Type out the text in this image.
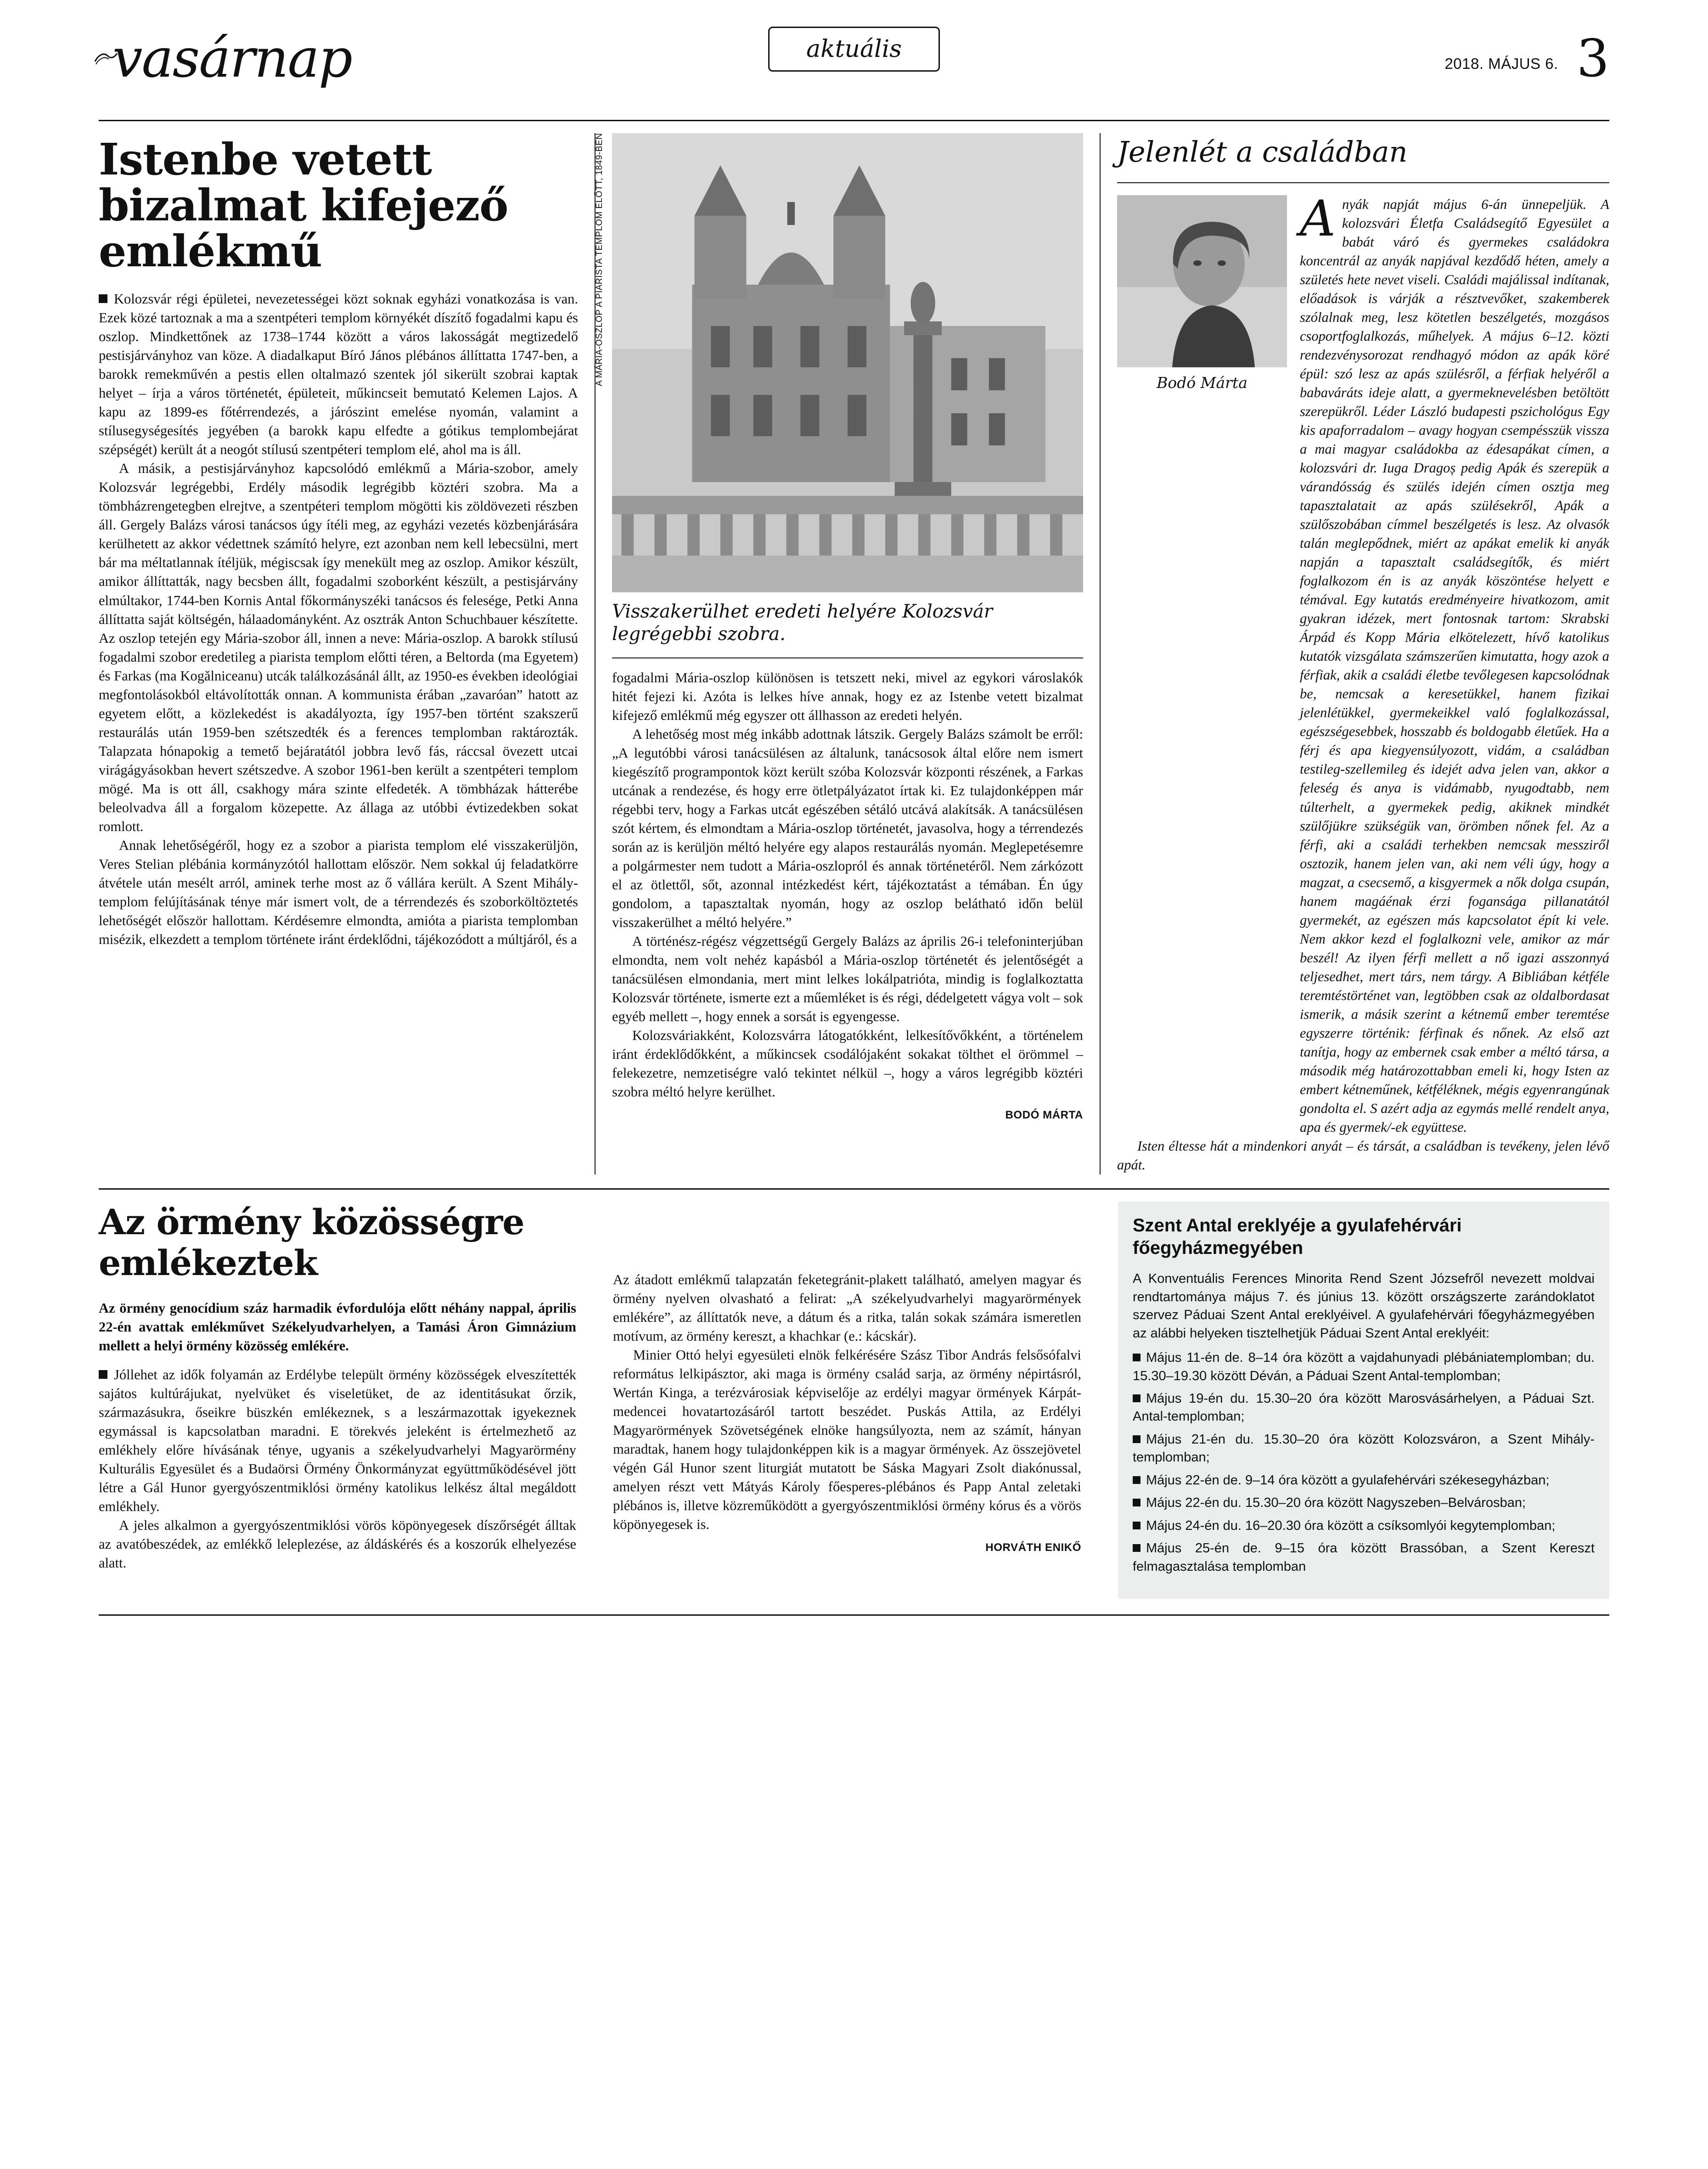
vasárnap	aktuális
2018. MÁJUS 6. 3
Istenbe vetett bizalmat kifejező emlékmű

Kolozsvár régi épületei, nevezetességei közt soknak egyházi vonatkozása is van. Ezek közé tartoznak a ma a szentpéteri templom környékét díszítő fogadalmi kapu és oszlop. Mindkettőnek az 1738–1744 között a város lakosságát megtizedelő pestisjárványhoz van köze. A diadalkaput Bíró János plébános állíttatta 1747-ben, a barokk remekművén a pestis ellen oltalmazó szentek jól sikerült szobrai kaptak helyet – írja a város történetét, épületeit, műkincseit bemutató Kelemen Lajos. A kapu az 1899-es főtérrendezés, a járószint emelése nyomán, valamint a stílusegységesítés jegyében (a barokk kapu elfedte a gótikus templombejárat szépségét) került át a neogót stílusú szentpéteri templom elé, ahol ma is áll.

A másik, a pestisjárványhoz kapcsolódó emlékmű a Mária-szobor, amely Kolozsvár legrégebbi, Erdély második legrégibb köztéri szobra. Ma a tömbházrengetegben elrejtve, a szentpéteri templom mögötti kis zöldövezeti részben áll. Gergely Balázs városi tanácsos úgy ítéli meg, az egyházi vezetés közbenjárására kerülhetett az akkor védettnek számító helyre, ezt azonban nem kell lebecsülni, mert bár ma méltatlannak ítéljük, mégiscsak így menekült meg az oszlop. Amikor készült, amikor állíttatták, nagy becsben állt, fogadalmi szoborként készült, a pestisjárvány elmúltakor, 1744-ben Kornis Antal főkormányszéki tanácsos és felesége, Petki Anna állíttatta saját költségén, hálaadományként. Az osztrák Anton Schuchbauer készítette. Az oszlop tetején egy Mária-szobor áll, innen a neve: Mária-oszlop. A barokk stílusú fogadalmi szobor eredetileg a piarista templom előtti téren, a Beltorda (ma Egyetem) és Farkas (ma Kogălniceanu) utcák találkozásánál állt, az 1950-es években ideológiai megfontolásokból eltávolították onnan. A kommunista érában „zavaróan” hatott az egyetem előtt, a közlekedést is akadályozta, így 1957-ben történt szakszerű restaurálás után 1959-ben szétszedték és a ferences templomban raktározták. Talapzata hónapokig a temető bejáratától jobbra levő fás, ráccsal övezett utcai virágágyásokban hevert szétszedve. A szobor 1961-ben került a szentpéteri templom mögé. Ma is ott áll, csakhogy mára szinte elfedeték. A tömbházak hátterébe beleolvadva áll a forgalom közepette. Az állaga az utóbbi évtizedekben sokat romlott.

Annak lehetőségéről, hogy ez a szobor a piarista templom elé visszakerüljön, Veres Stelian plébánia kormányzótól hallottam először. Nem sokkal új feladatkörre átvétele után mesélt arról, aminek terhe most az ő vállára került. A Szent Mihály-templom felújításának ténye már ismert volt, de a térrendezés és szoborköltöztetés lehetőségét először hallottam. Kérdésemre elmondta, amióta a piarista templomban misézik, elkezdett a templom története iránt érdeklődni, tájékozódott a múltjáról, és a

A MÁRIA-OSZLOP A PIARISTA TEMPLOM ELŐTT, 1849-BEN
Visszakerülhet eredeti helyére Kolozsvár legrégebbi szobra.

fogadalmi Mária-oszlop különösen is tetszett neki, mivel az egykori városlakók hitét fejezi ki. Azóta is lelkes híve annak, hogy ez az Istenbe vetett bizalmat kifejező emlékmű még egyszer ott állhasson az eredeti helyén.

A lehetőség most még inkább adottnak látszik. Gergely Balázs számolt be erről: „A legutóbbi városi tanácsülésen az általunk, tanácsosok által előre nem ismert kiegészítő programpontok közt került szóba Kolozsvár központi részének, a Farkas utcának a rendezése, és hogy erre ötletpályázatot írtak ki. Ez tulajdonképpen már régebbi terv, hogy a Farkas utcát egészében sétáló utcává alakítsák. A tanácsülésen szót kértem, és elmondtam a Mária-oszlop történetét, javasolva, hogy a térrendezés során az is kerüljön méltó helyére egy alapos restaurálás nyomán. Meglepetésemre a polgármester nem tudott a Mária-oszlopról és annak történetéről. Nem zárkózott el az ötlettől, sőt, azonnal intézkedést kért, tájékoztatást a témában. Én úgy gondolom, a tapasztaltak nyomán, hogy az oszlop belátható időn belül visszakerülhet a méltó helyére.”

A történész-régész végzettségű Gergely Balázs az április 26-i telefoninterjúban elmondta, nem volt nehéz kapásból a Mária-oszlop történetét és jelentőségét a tanácsülésen elmondania, mert mint lelkes lokálpatrióta, mindig is foglalkoztatta Kolozsvár története, ismerte ezt a műemléket is és régi, dédelgetett vágya volt – sok egyéb mellett –, hogy ennek a sorsát is egyengesse.

Kolozsváriakként, Kolozsvárra látogatókként, lelkesítővőkként, a történelem iránt érdeklődőkként, a műkincsek csodálójaként sokakat tölthet el örömmel – felekezetre, nemzetiségre való tekintet nélkül –, hogy a város legrégibb köztéri szobra méltó helyre kerülhet.

BODÓ MÁRTA
Jelenlét a családban
Bodó Márta

Anyák napját május 6-án ünnepeljük. A kolozsvári Életfa Családsegítő Egyesület a babát váró és gyermekes családokra koncentrál az anyák napjával kezdődő héten, amely a születés hete nevet viseli. Családi majálissal indítanak, előadások is várják a résztvevőket, szakemberek szólalnak meg, lesz kötetlen beszélgetés, mozgásos csoportfoglalkozás, műhelyek. A május 6–12. közti rendezvénysorozat rendhagyó módon az apák köré épül: szó lesz az apás szülésről, a férfiak helyéről a babaváráts ideje alatt, a gyermeknevelésben betöltött szerepükről. Léder László budapesti pszichológus Egy kis apaforradalom – avagy hogyan csempésszük vissza a mai magyar családokba az édesapákat címen, a kolozsvári dr. Iuga Dragoș pedig Apák és szerepük a várandósság és szülés idején címen osztja meg tapasztalatait az apás szülésekről, Apák a szülőszobában címmel beszélgetés is lesz. Az olvasók talán meglepődnek, miért az apákat emelik ki anyák napján a tapasztalt családsegítők, és miért foglalkozom én is az anyák köszöntése helyett e témával. Egy kutatás eredményeire hivatkozom, amit gyakran idézek, mert fontosnak tartom: Skrabski Árpád és Kopp Mária elkötelezett, hívő katolikus kutatók vizsgálata számszerűen kimutatta, hogy azok a férfiak, akik a családi életbe tevőlegesen kapcsolódnak be, nemcsak a keresetükkel, hanem fizikai jelenlétükkel, gyermekeikkel való foglalkozással, egészségesebbek, hosszabb és boldogabb életűek. Ha a férj és apa kiegyensúlyozott, vidám, a családban testileg-szellemileg és idejét adva jelen van, akkor a feleség és anya is vidámabb, nyugodtabb, nem túlterhelt, a gyermekek pedig, akiknek mindkét szülőjükre szükségük van, örömben nőnek fel. Az a férfi, aki a családi terhekben nemcsak messziről osztozik, hanem jelen van, aki nem véli úgy, hogy a magzat, a csecsemő, a kisgyermek a nők dolga csupán, hanem magáénak érzi fogansága pillanatától gyermekét, az egészen más kapcsolatot épít ki vele. Nem akkor kezd el foglalkozni vele, amikor az már beszél! Az ilyen férfi mellett a nő igazi asszonnyá teljesedhet, mert társ, nem tárgy. A Bibliában kétféle teremtéstörténet van, legtöbben csak az oldalbordasat ismerik, a másik szerint a kétnemű ember teremtése egyszerre történik: férfinak és nőnek. Az első azt tanítja, hogy az embernek csak ember a méltó társa, a második még határozottabban emeli ki, hogy Isten az embert kétneműnek, kétféléknek, mégis egyenrangúnak gondolta el. S azért adja az egymás mellé rendelt anya, apa és gyermek/-ek együttese.

Isten éltesse hát a mindenkori anyát – és társát, a családban is tevékeny, jelen lévő apát.

Az örmény közösségre emlékeztek

Az örmény genocídium száz harmadik évfordulója előtt néhány nappal, április 22-én avattak emlékművet Székelyudvarhelyen, a Tamási Áron Gimnázium mellett a helyi örmény közösség emlékére.

Jóllehet az idők folyamán az Erdélybe települt örmény közösségek elveszítették sajátos kultúrájukat, nyelvüket és viseletüket, de az identitásukat őrzik, származásukra, őseikre büszkén emlékeznek, s a leszármazottak igyekeznek egymással is kapcsolatban maradni. E törekvés jeleként is értelmezhető az emlékhely előre hívásának ténye, ugyanis a székelyudvarhelyi Magyarörmény Kulturális Egyesület és a Budaörsi Örmény Önkormányzat együttműködésével jött létre a Gál Hunor gyergyószentmiklósi örmény katolikus lelkész által megáldott emlékhely.

A jeles alkalmon a gyergyószentmiklósi vörös köpönyegesek díszőrségét álltak az avatóbeszédek, az emlékkő leleplezése, az áldáskérés és a koszorúk elhelyezése alatt.

Az átadott emlékmű talapzatán feketegránit-plakett található, amelyen magyar és örmény nyelven olvasható a felirat: „A székelyudvarhelyi magyarörmények emlékére”, az állíttatók neve, a dátum és a ritka, talán sokak számára ismeretlen motívum, az örmény kereszt, a khachkar (e.: kácskár).

Minier Ottó helyi egyesületi elnök felkérésére Szász Tibor András felsősófalvi református lelkipásztor, aki maga is örmény család sarja, az örmény népirtásról, Wertán Kinga, a terézvárosiak képviselője az erdélyi magyar örmények Kárpát-medencei hovatartozásáról tartott beszédet. Puskás Attila, az Erdélyi Magyarörmények Szövetségének elnöke hangsúlyozta, nem az számít, hányan maradtak, hanem hogy tulajdonképpen kik is a magyar örmények. Az összejövetel végén Gál Hunor szent liturgiát mutatott be Sáska Magyari Zsolt diakónussal, amelyen részt vett Mátyás Károly főesperes-plébános és Papp Antal zeletaki plébános is, illetve közreműködött a gyergyószentmiklósi örmény kórus és a vörös köpönyegesek is.

HORVÁTH ENIKŐ
Szent Antal ereklyéje a gyulafehérvári főegyházmegyében

A Konventuális Ferences Minorita Rend Szent Józsefről nevezett moldvai rendtartománya május 7. és június 13. között országszerte zarándoklatot szervez Páduai Szent Antal ereklyéivel. A gyulafehérvári főegyházmegyében az alábbi helyeken tisztelhetjük Páduai Szent Antal ereklyéit:

Május 11-én de. 8–14 óra között a vajdahunyadi plébániatemplomban; du. 15.30–19.30 között Déván, a Páduai Szent Antal-templomban;

Május 19-én du. 15.30–20 óra között Marosvásárhelyen, a Páduai Szt. Antal-templomban;

Május 21-én du. 15.30–20 óra között Kolozsváron, a Szent Mihály-templomban;

Május 22-én de. 9–14 óra között a gyulafehérvári székesegyházban;

Május 22-én du. 15.30–20 óra között Nagyszeben–Belvárosban;

Május 24-én du. 16–20.30 óra között a csíksomlyói kegytemplomban;

Május 25-én de. 9–15 óra között Brassóban, a Szent Kereszt felmagasztalása templomban
